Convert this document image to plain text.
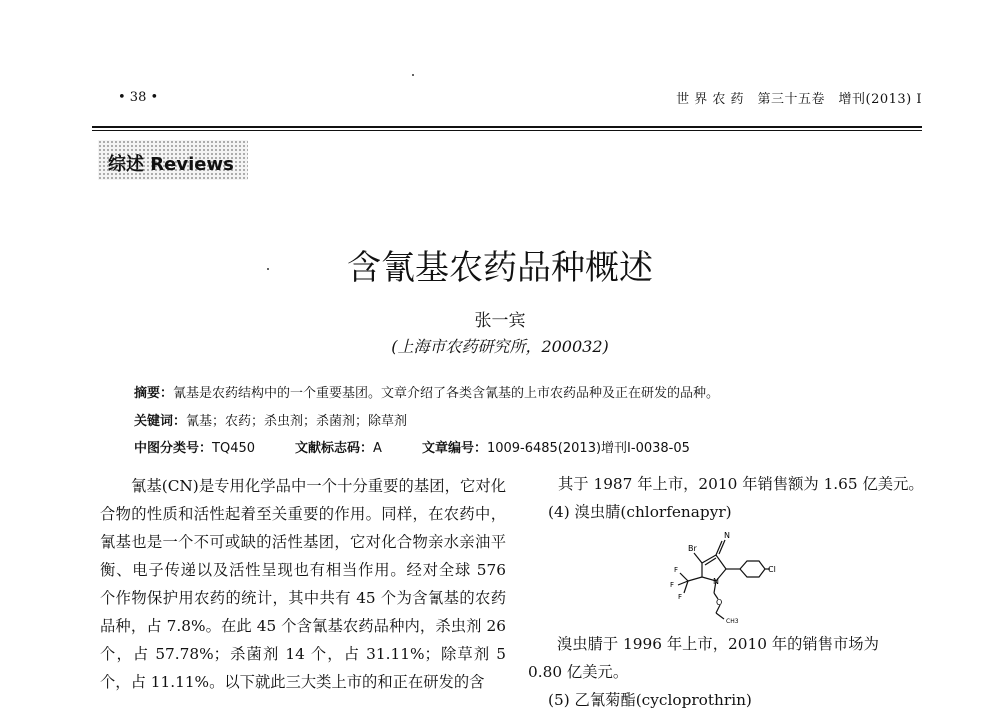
• 38 •	世 界 农 药　第三十五卷　增刊(2013) Ⅰ
综述 Reviews
含氰基农药品种概述
张一宾
(上海市农药研究所，200032)
摘要：氰基是农药结构中的一个重要基团。文章介绍了各类含氰基的上市农药品种及正在研发的品种。
关键词：氰基；农药；杀虫剂；杀菌剂；除草剂
中图分类号：TQ450	文献标志码：A	文章编号：1009-6485(2013)增刊Ⅰ-0038-05

氰基(CN)是专用化学品中一个十分重要的基团，它对化合物的性质和活性起着至关重要的作用。同样，在农药中，氰基也是一个不可或缺的活性基团，它对化合物亲水亲油平衡、电子传递以及活性呈现也有相当作用。经对全球 576 个作物保护用农药的统计，其中共有 45 个为含氰基的农药品种，占 7.8%。在此 45 个含氰基农药品种内，杀虫剂 26 个，占 57.78%；杀菌剂 14 个，占 31.11%；除草剂 5 个，占 11.11%。以下就此三大类上市的和正在研发的含

其于 1987 年上市，2010 年销售额为 1.65 亿美元。
(4) 溴虫腈(chlorfenapyr)
Br
N
N
Cl
O
F
F
F
CH3
溴虫腈于 1996 年上市，2010 年的销售市场为
0.80 亿美元。
(5) 乙氰菊酯(cycloprothrin)
